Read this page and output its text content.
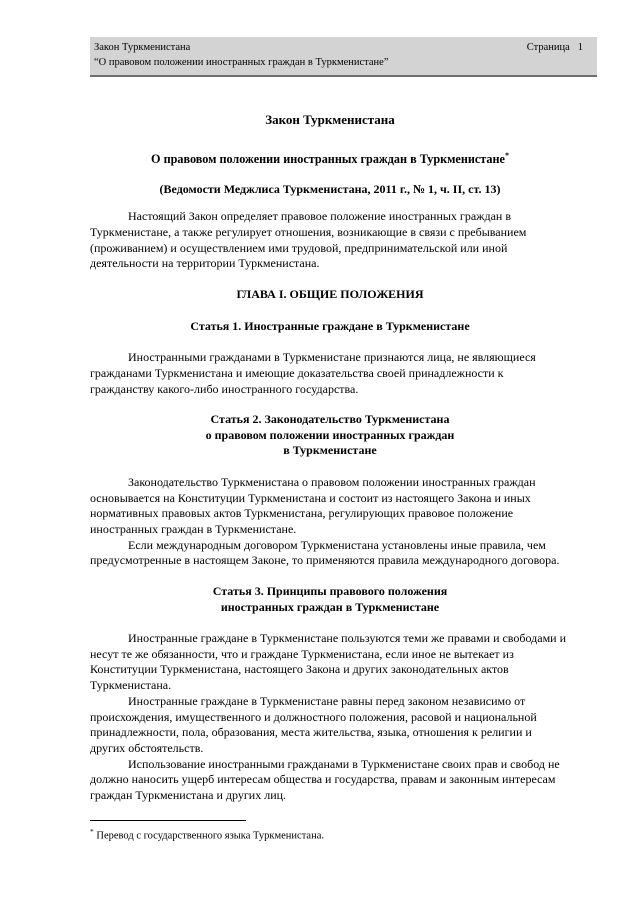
Закон Туркменистана	Страница 1
“О правовом положении иностранных граждан в Туркменистане”
Закон Туркменистана
О правовом положении иностранных граждан в Туркменистане*
(Ведомости Меджлиса Туркменистана, 2011 г., № 1, ч. II, ст. 13)

Настоящий Закон определяет правовое положение иностранных граждан в Туркменистане, а также регулирует отношения, возникающие в связи с пребыванием (проживанием) и осуществлением ими трудовой, предпринимательской или иной деятельности на территории Туркменистана.

ГЛАВА I. ОБЩИЕ ПОЛОЖЕНИЯ
Статья 1. Иностранные граждане в Туркменистане

Иностранными гражданами в Туркменистане признаются лица, не являющиеся гражданами Туркменистана и имеющие доказательства своей принадлежности к гражданству какого-либо иностранного государства.

Статья 2. Законодательство Туркменистана
о правовом положении иностранных граждан
в Туркменистане

Законодательство Туркменистана о правовом положении иностранных граждан основывается на Конституции Туркменистана и состоит из настоящего Закона и иных нормативных правовых актов Туркменистана, регулирующих правовое положение иностранных граждан в Туркменистане.

Если международным договором Туркменистана установлены иные правила, чем предусмотренные в настоящем Законе, то применяются правила международного договора.

Статья 3. Принципы правового положения
иностранных граждан в Туркменистане

Иностранные граждане в Туркменистане пользуются теми же правами и свободами и несут те же обязанности, что и граждане Туркменистана, если иное не вытекает из Конституции Туркменистана, настоящего Закона и других законодательных актов Туркменистана.

Иностранные граждане в Туркменистане равны перед законом независимо от происхождения, имущественного и должностного положения, расовой и национальной принадлежности, пола, образования, места жительства, языка, отношения к религии и других обстоятельств.

Использование иностранными гражданами в Туркменистане своих прав и свобод не должно наносить ущерб интересам общества и государства, правам и законным интересам граждан Туркменистана и других лиц.

* Перевод с государственного языка Туркменистана.
